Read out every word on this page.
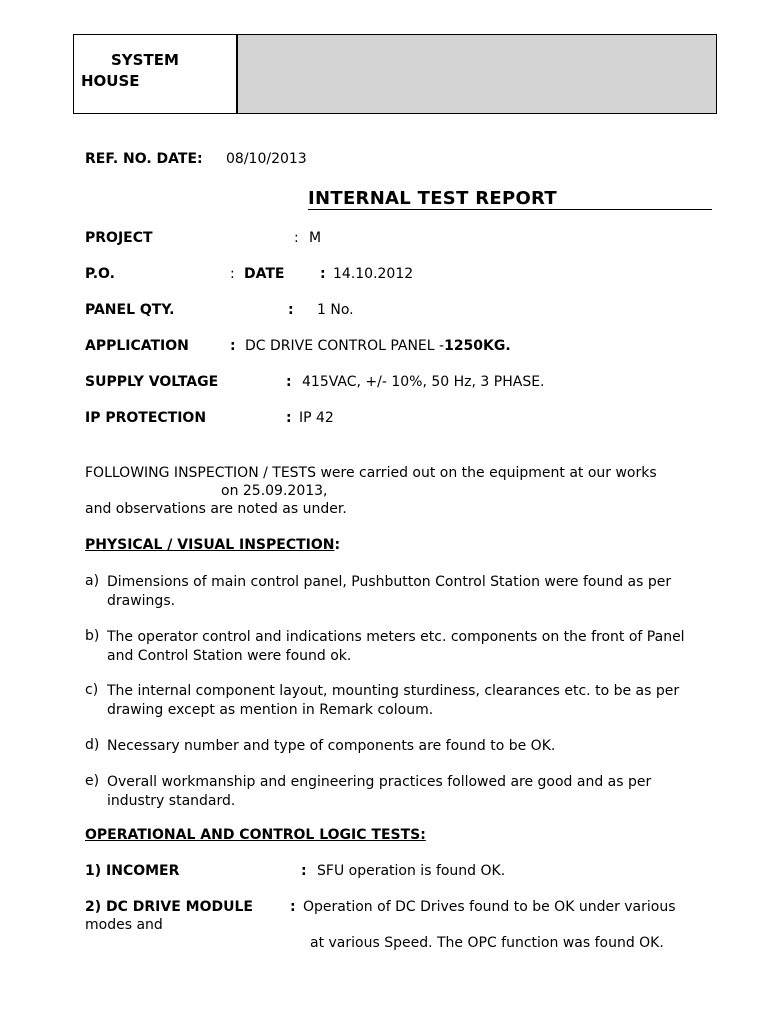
SYSTEM
HOUSE
REF. NO. DATE: 08/10/2013
INTERNAL TEST REPORT
PROJECT	: M
P.O.	: DATE	: 14.10.2012
PANEL QTY.	: 1 No.
APPLICATION	: DC DRIVE CONTROL PANEL -1250KG.
SUPPLY VOLTAGE	: 415VAC, +/- 10%, 50 Hz, 3 PHASE.
IP PROTECTION	: IP 42
FOLLOWING INSPECTION / TESTS were carried out on the equipment at our works
on 25.09.2013,
and observations are noted as under.
PHYSICAL / VISUAL INSPECTION:
a) Dimensions of main control panel, Pushbutton Control Station were found as per drawings.
b) The operator control and indications meters etc. components on the front of Panel and Control Station were found ok.
c) The internal component layout, mounting sturdiness, clearances etc. to be as per drawing except as mention in Remark coloum.
d) Necessary number and type of components are found to be OK.
e) Overall workmanship and engineering practices followed are good and as per industry standard.
OPERATIONAL AND CONTROL LOGIC TESTS:
1) INCOMER	: SFU operation is found OK.
2) DC DRIVE MODULE	: Operation of DC Drives found to be OK under various
modes and
at various Speed. The OPC function was found OK.
